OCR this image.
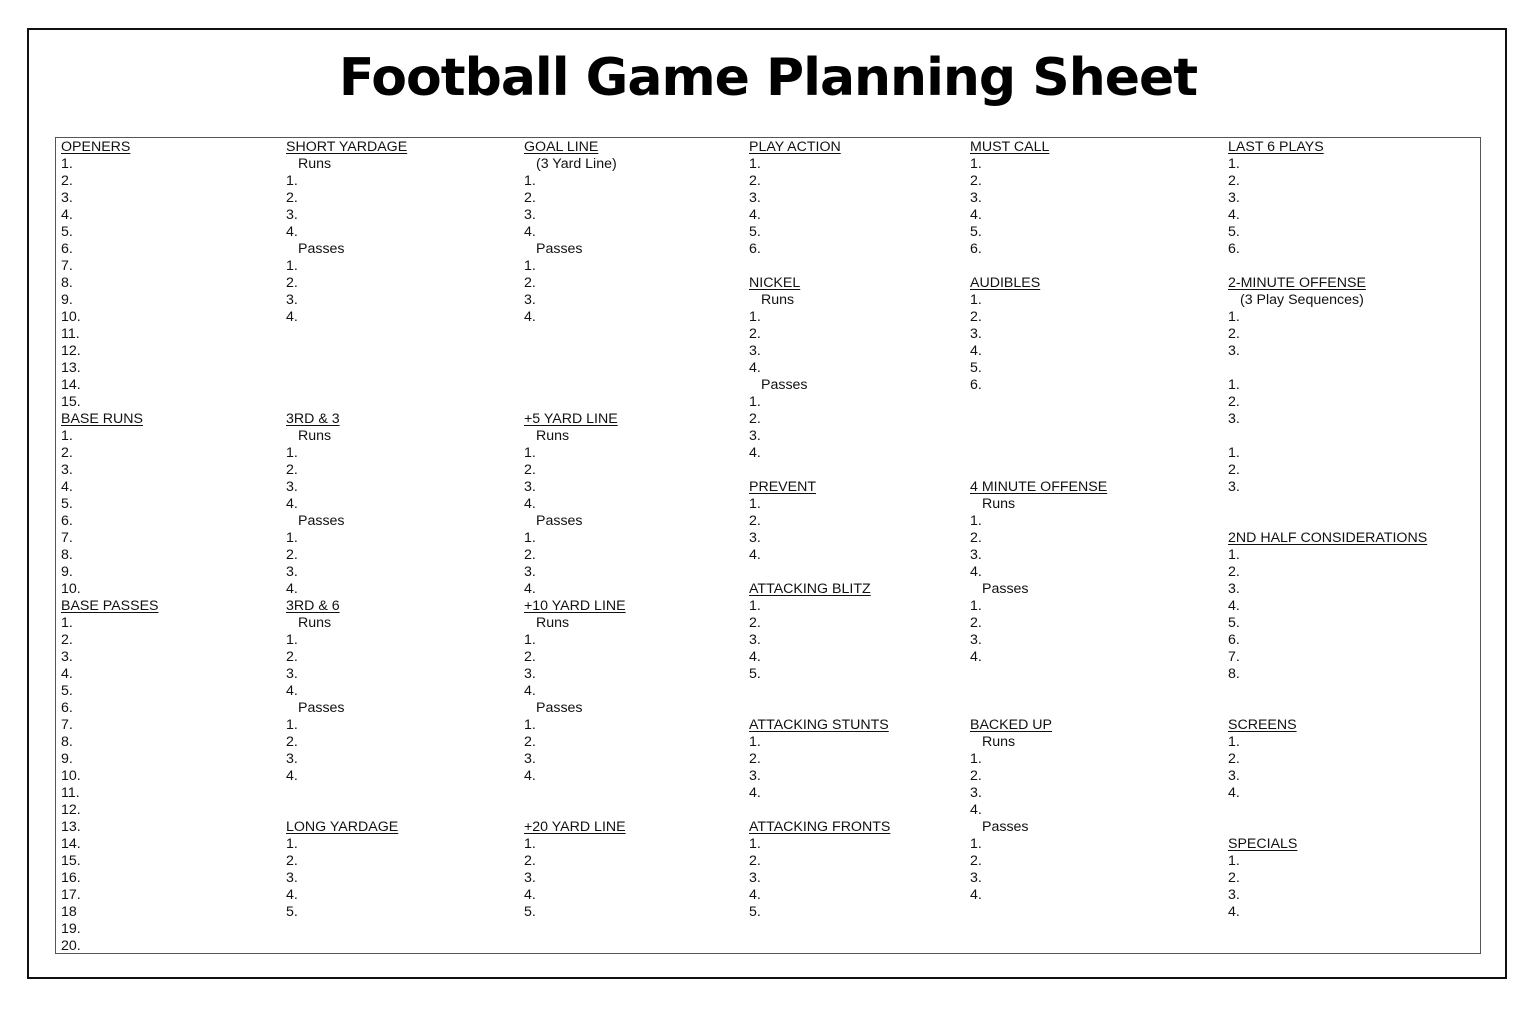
Football Game Planning Sheet
OPENERS
1.
2.
3.
4.
5.
6.
7.
8.
9.
10.
11.
12.
13.
14.
15.
BASE RUNS
1.
2.
3.
4.
5.
6.
7.
8.
9.
10.
BASE PASSES
1.
2.
3.
4.
5.
6.
7.
8.
9.
10.
11.
12.
13.
14.
15.
16.
17.
18
19.
20.
SHORT YARDAGE
Runs
1.
2.
3.
4.
Passes
1.
2.
3.
4.
3RD & 3
Runs
1.
2.
3.
4.
Passes
1.
2.
3.
4.
3RD & 6
Runs
1.
2.
3.
4.
Passes
1.
2.
3.
4.
LONG YARDAGE
1.
2.
3.
4.
5.
GOAL LINE
(3 Yard Line)
1.
2.
3.
4.
Passes
1.
2.
3.
4.
+5 YARD LINE
Runs
1.
2.
3.
4.
Passes
1.
2.
3.
4.
+10 YARD LINE
Runs
1.
2.
3.
4.
Passes
1.
2.
3.
4.
+20 YARD LINE
1.
2.
3.
4.
5.
PLAY ACTION
1.
2.
3.
4.
5.
6.
NICKEL
Runs
1.
2.
3.
4.
Passes
1.
2.
3.
4.
PREVENT
1.
2.
3.
4.
ATTACKING BLITZ
1.
2.
3.
4.
5.
ATTACKING STUNTS
1.
2.
3.
4.
ATTACKING FRONTS
1.
2.
3.
4.
5.
MUST CALL
1.
2.
3.
4.
5.
6.
AUDIBLES
1.
2.
3.
4.
5.
6.
4 MINUTE OFFENSE
Runs
1.
2.
3.
4.
Passes
1.
2.
3.
4.
BACKED UP
Runs
1.
2.
3.
4.
Passes
1.
2.
3.
4.
LAST 6 PLAYS
1.
2.
3.
4.
5.
6.
2-MINUTE OFFENSE
(3 Play Sequences)
1.
2.
3.
1.
2.
3.
1.
2.
3.
2ND HALF CONSIDERATIONS
1.
2.
3.
4.
5.
6.
7.
8.
SCREENS
1.
2.
3.
4.
SPECIALS
1.
2.
3.
4.
